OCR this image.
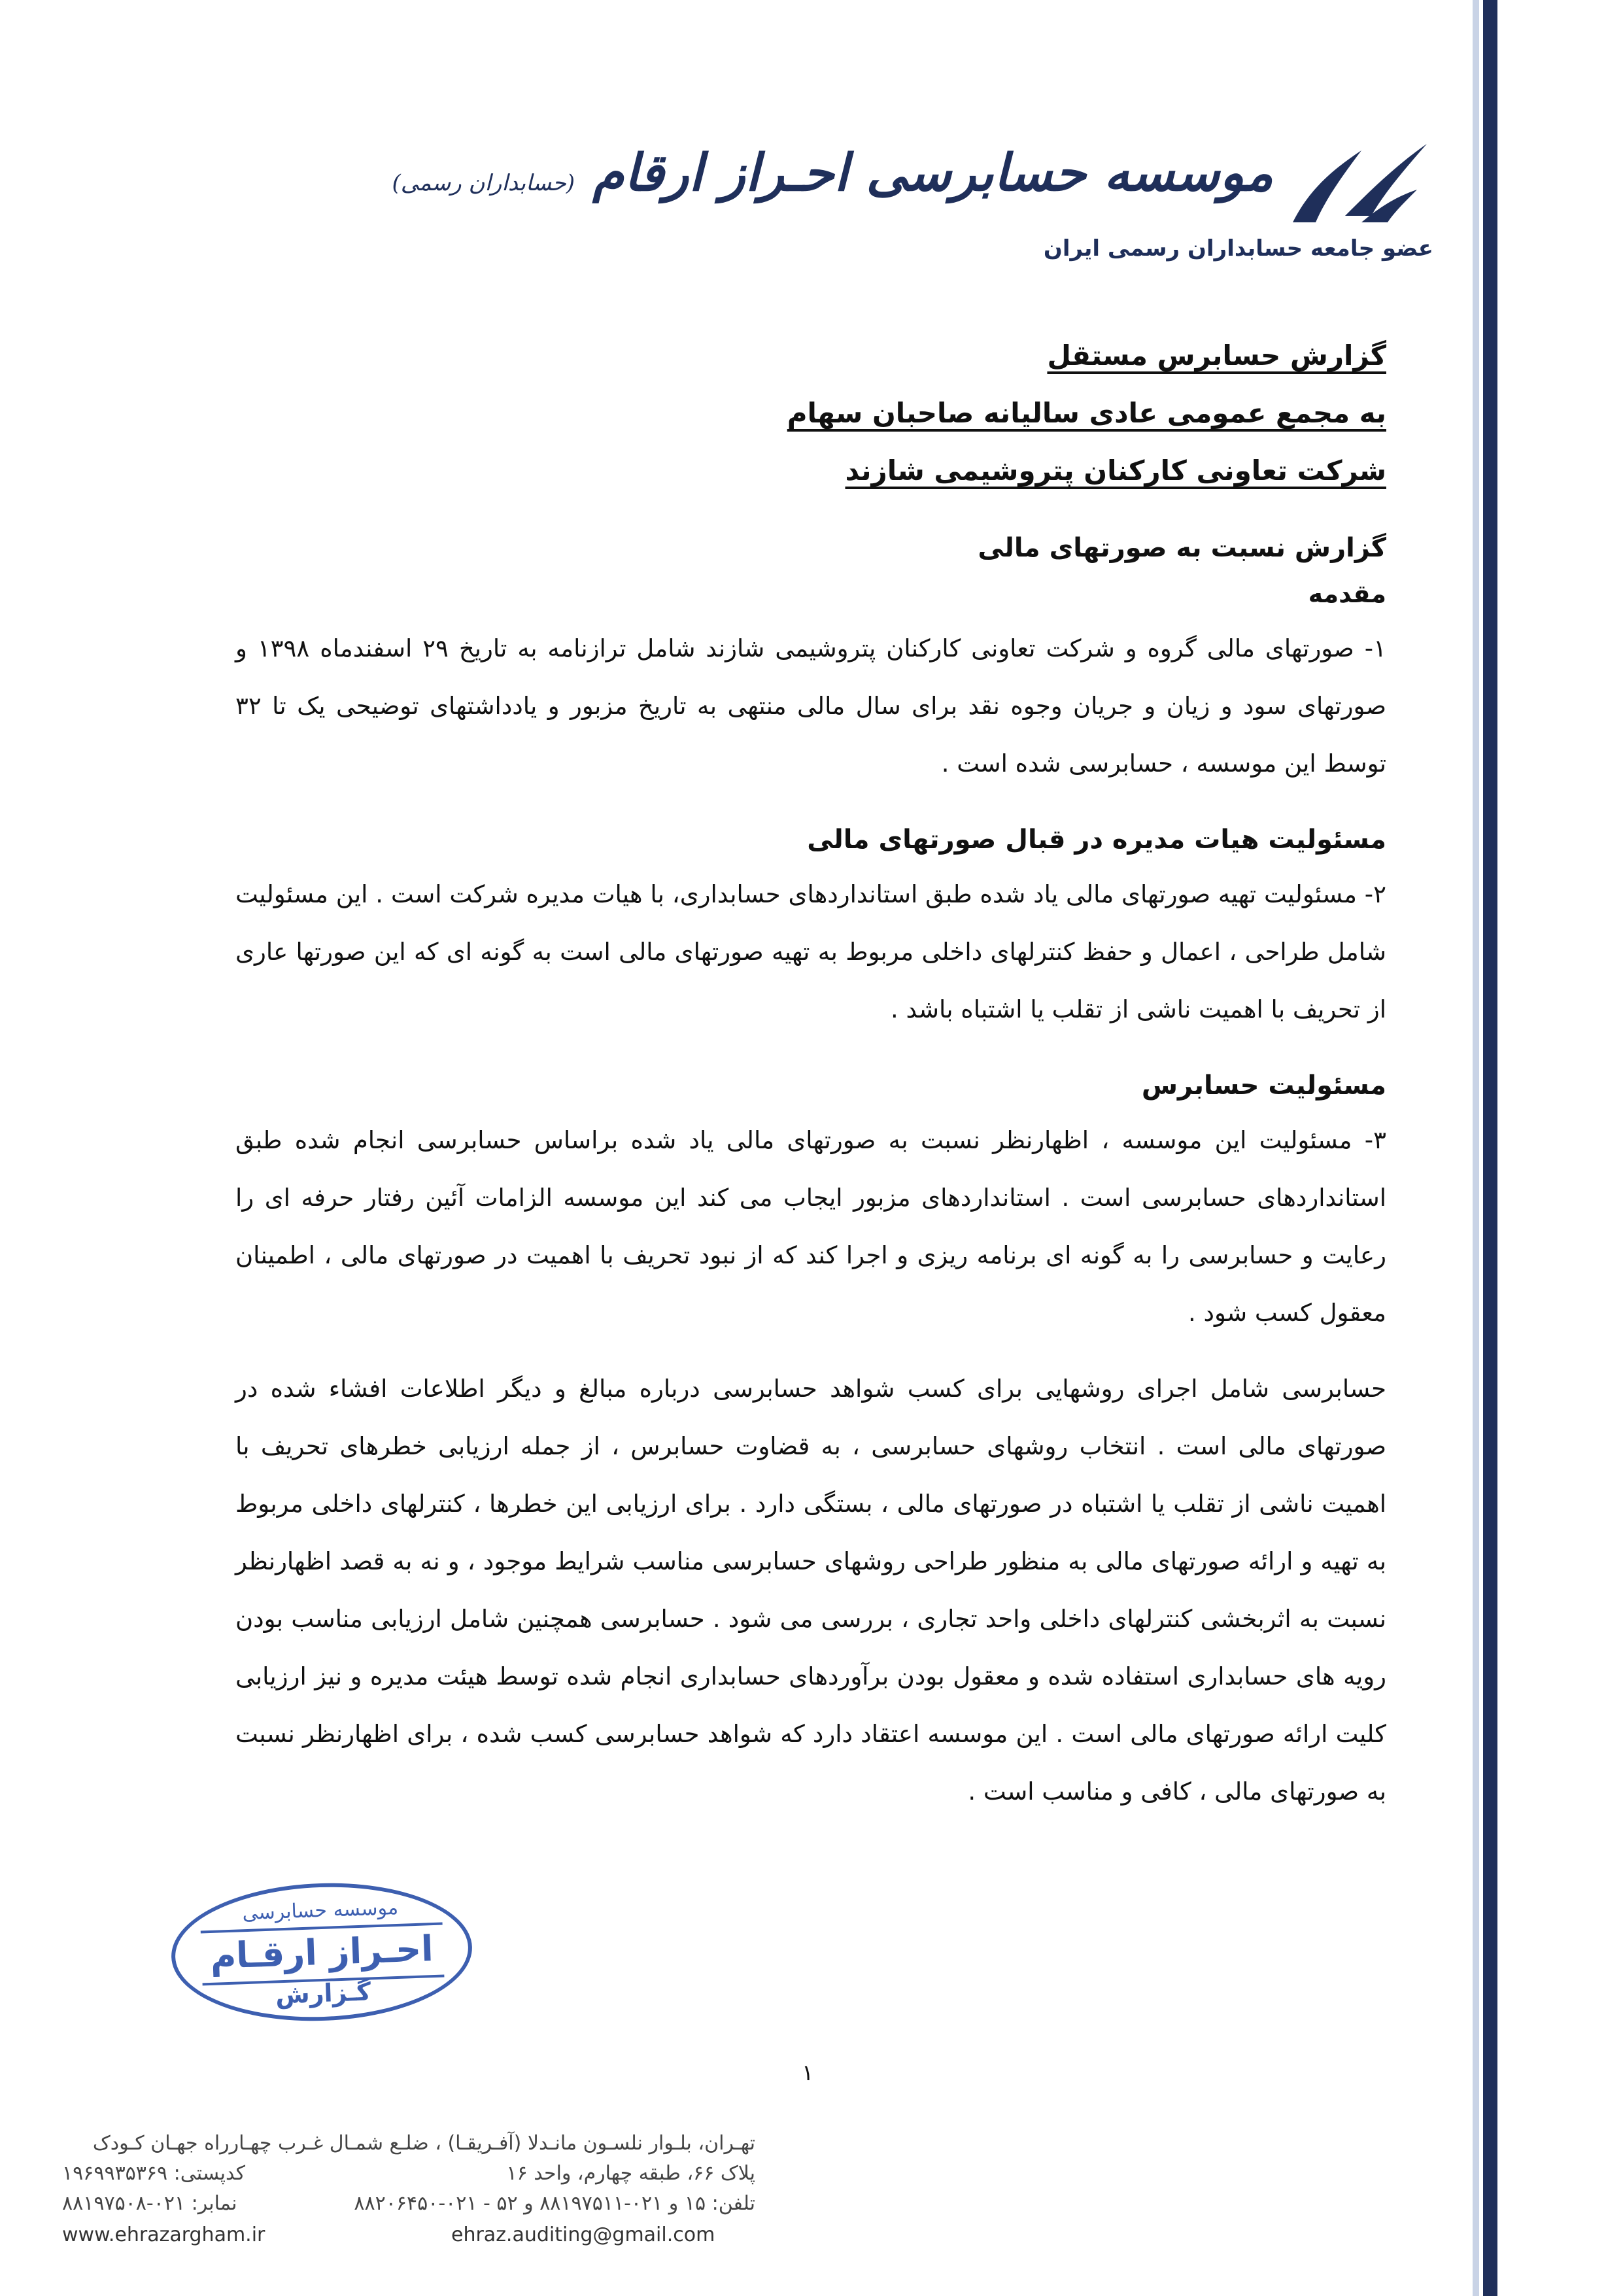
موسسه حسابرسی احـراز ارقام (حسابداران رسمی)
عضو جامعه حسابداران رسمی ایران

گزارش حسابرس مستقل

به مجمع عمومی عادی سالیانه صاحبان سهام

شرکت تعاونی کارکنان پتروشیمی شازند

گزارش نسبت به صورتهای مالی
مقدمه

۱- صورتهای مالی گروه و شرکت تعاونی کارکنان پتروشیمی شازند شامل ترازنامه به تاریخ ۲۹ اسفندماه ۱۳۹۸ و صورتهای سود و زیان و جریان وجوه نقد برای سال مالی منتهی به تاریخ مزبور و یادداشتهای توضیحی یک تا ۳۲ توسط این موسسه ، حسابرسی شده است .

مسئولیت هیات مدیره در قبال صورتهای مالی

۲- مسئولیت تهیه صورتهای مالی یاد شده طبق استانداردهای حسابداری، با هیات مدیره شرکت است . این مسئولیت شامل طراحی ، اعمال و حفظ کنترلهای داخلی مربوط به تهیه صورتهای مالی است به گونه ای که این صورتها عاری از تحریف با اهمیت ناشی از تقلب یا اشتباه باشد .

مسئولیت حسابرس

۳- مسئولیت این موسسه ، اظهارنظر نسبت به صورتهای مالی یاد شده براساس حسابرسی انجام شده طبق استانداردهای حسابرسی است . استانداردهای مزبور ایجاب می کند این موسسه الزامات آئین رفتار حرفه ای را رعایت و حسابرسی را به گونه ای برنامه ریزی و اجرا کند که از نبود تحریف با اهمیت در صورتهای مالی ، اطمینان معقول کسب شود .

حسابرسی شامل اجرای روشهایی برای کسب شواهد حسابرسی درباره مبالغ و دیگر اطلاعات افشاء شده در صورتهای مالی است . انتخاب روشهای حسابرسی ، به قضاوت حسابرس ، از جمله ارزیابی خطرهای تحریف با اهمیت ناشی از تقلب یا اشتباه در صورتهای مالی ، بستگی دارد . برای ارزیابی این خطرها ، کنترلهای داخلی مربوط به تهیه و ارائه صورتهای مالی به منظور طراحی روشهای حسابرسی مناسب شرایط موجود ، و نه به قصد اظهارنظر نسبت به اثربخشی کنترلهای داخلی واحد تجاری ، بررسی می شود . حسابرسی همچنین شامل ارزیابی مناسب بودن رویه های حسابداری استفاده شده و معقول بودن برآوردهای حسابداری انجام شده توسط هیئت مدیره و نیز ارزیابی کلیت ارائه صورتهای مالی است . این موسسه اعتقاد دارد که شواهد حسابرسی کسب شده ، برای اظهارنظر نسبت به صورتهای مالی ، کافی و مناسب است .

موسسه حسابرسی
احـراز ارقـام
گـزارش
۱
تهـران، بلـوار نلسـون مانـدلا (آفـریقـا) ، ضلـع شمـال غـرب چهـارراه جهـان کـودک
پلاک ۶۶، طبقه چهارم، واحد ۱۶
کدپستی: ۱۹۶۹۹۳۵۳۶۹
تلفن: ۱۵ و ۰۲۱-۸۸۱۹۷۵۱۱ و ۵۲ - ۰۲۱-۸۸۲۰۶۴۵۰
نمابر: ۰۲۱-۸۸۱۹۷۵۰۸
www.ehrazargham.ir	ehraz.auditing@gmail.com
